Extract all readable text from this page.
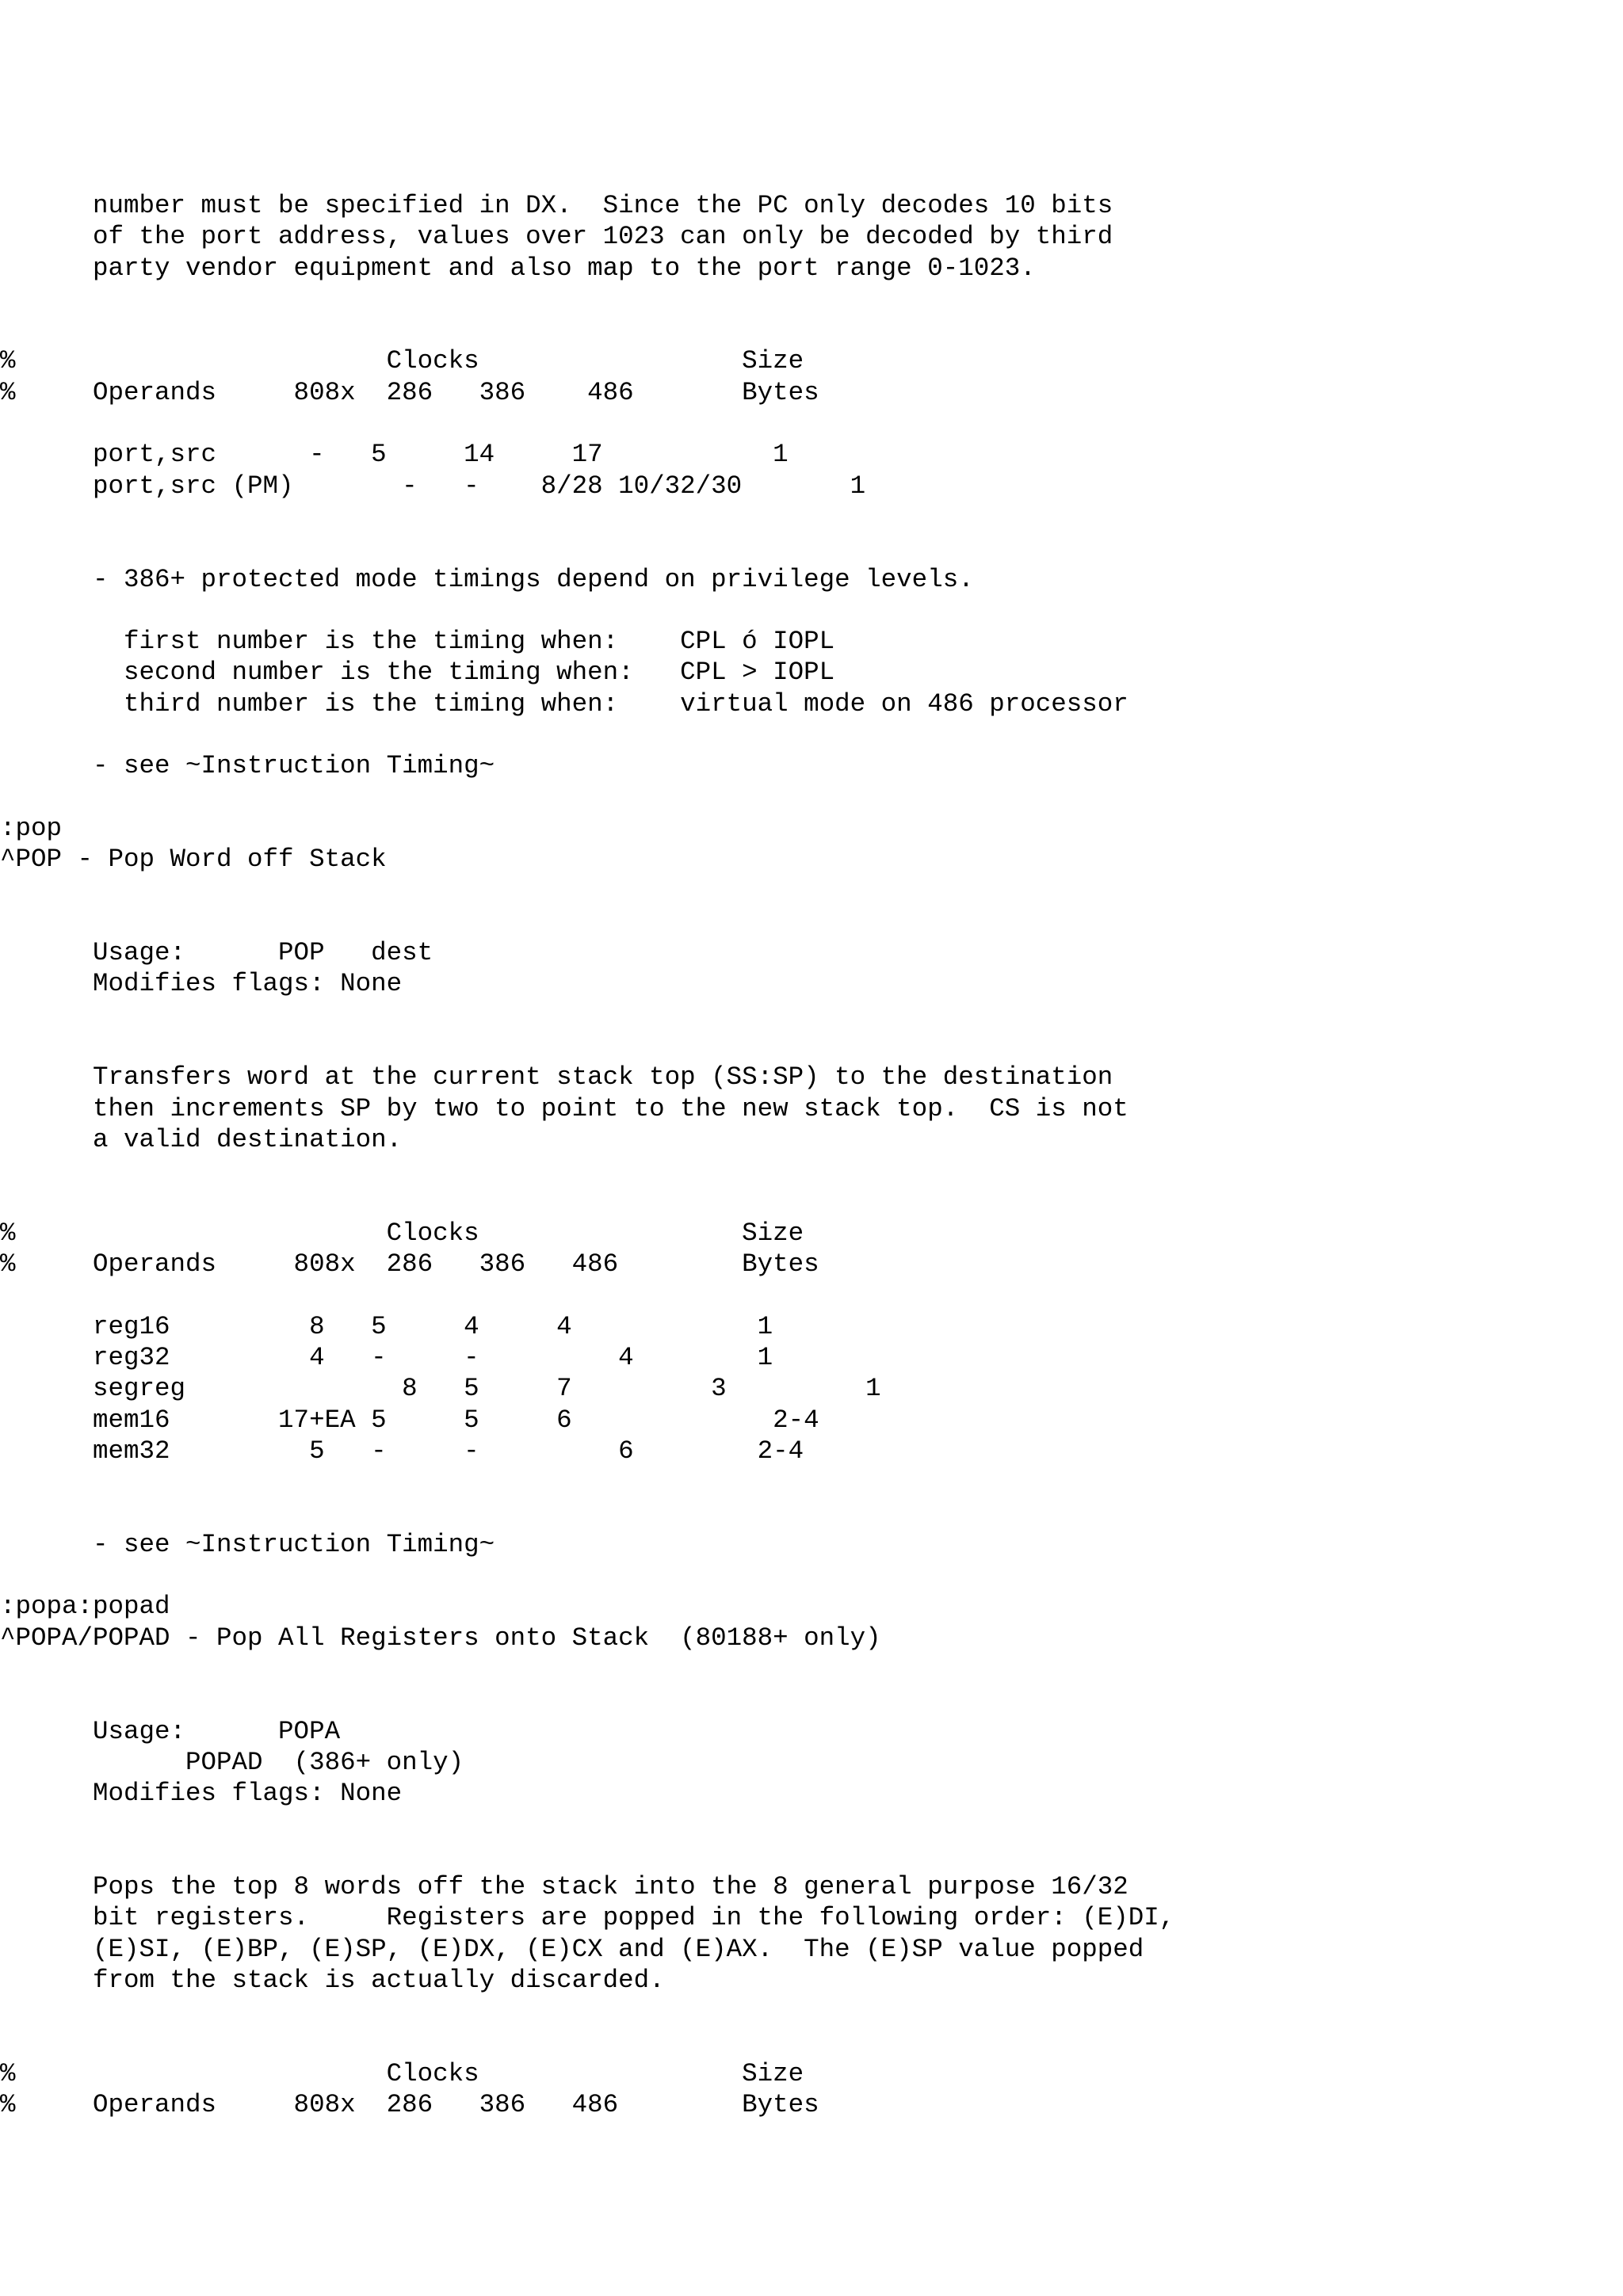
number must be specified in DX.  Since the PC only decodes 10 bits
of the port address, values over 1023 can only be decoded by third
party vendor equipment and also map to the port range 0-1023.
%                        Clocks                 Size
%     Operands     808x  286   386    486       Bytes
port,src      -   5     14     17           1
port,src (PM)       -   -    8/28 10/32/30       1
- 386+ protected mode timings depend on privilege levels.
first number is the timing when:    CPL ó IOPL
second number is the timing when:   CPL > IOPL
third number is the timing when:    virtual mode on 486 processor
- see ~Instruction Timing~
:pop
^POP - Pop Word off Stack
Usage:      POP   dest
Modifies flags: None
Transfers word at the current stack top (SS:SP) to the destination
then increments SP by two to point to the new stack top.  CS is not
a valid destination.
%                        Clocks                 Size
%     Operands     808x  286   386   486        Bytes
reg16         8   5     4     4            1
reg32         4   -     -         4        1
segreg              8   5     7         3         1
mem16       17+EA 5     5     6             2-4
mem32         5   -     -         6        2-4
- see ~Instruction Timing~
:popa:popad
^POPA/POPAD - Pop All Registers onto Stack  (80188+ only)
Usage:      POPA
POPAD  (386+ only)
Modifies flags: None
Pops the top 8 words off the stack into the 8 general purpose 16/32
bit registers.     Registers are popped in the following order: (E)DI,
(E)SI, (E)BP, (E)SP, (E)DX, (E)CX and (E)AX.  The (E)SP value popped
from the stack is actually discarded.
%                        Clocks                 Size
%     Operands     808x  286   386   486        Bytes
